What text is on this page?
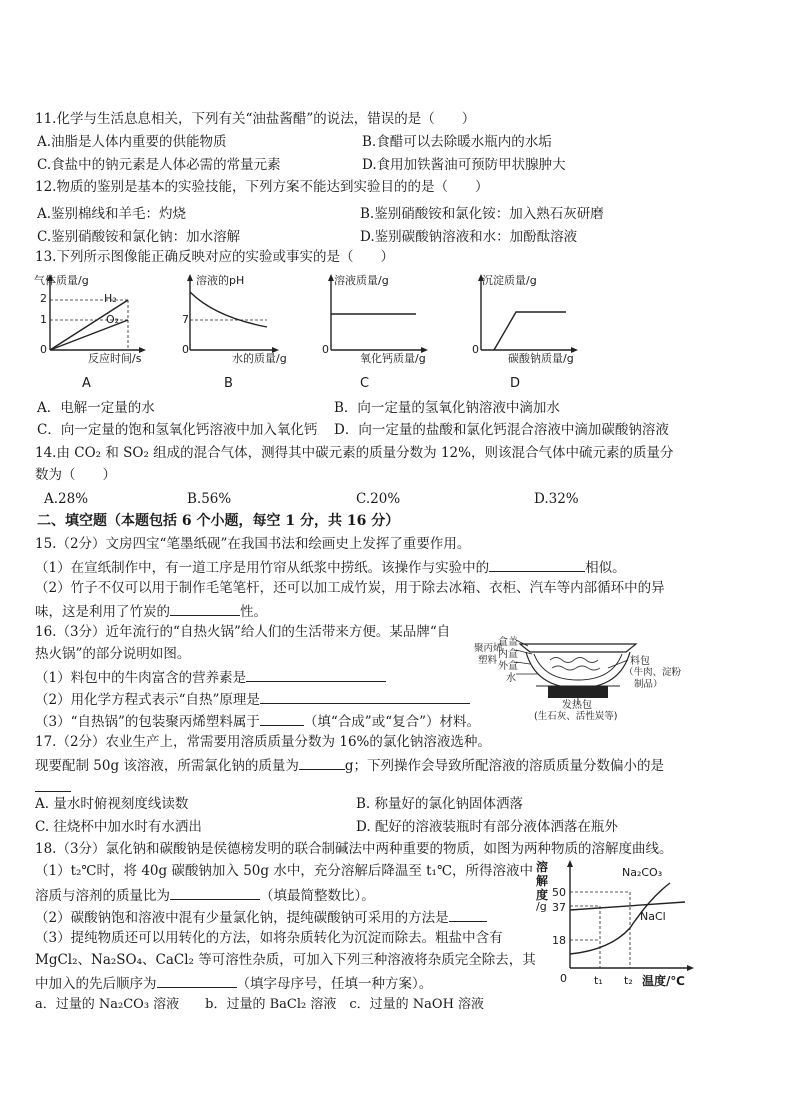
11.化学与生活息息相关，下列有关“油盐酱醋”的说法，错误的是（　　）
A.油脂是人体内重要的供能物质	B.食醋可以去除暖水瓶内的水垢
C.食盐中的钠元素是人体必需的常量元素	D.食用加铁酱油可预防甲状腺肿大
12.物质的鉴别是基本的实验技能，下列方案不能达到实验目的的是（　　）
A.鉴别棉线和羊毛：灼烧	B.鉴别硝酸铵和氯化铵：加入熟石灰研磨
C.鉴别硝酸铵和氯化钠：加水溶解	D.鉴别碳酸钠溶液和水：加酚酞溶液
13.下列所示图像能正确反映对应的实验或事实的是（　　）
气体质量/g
H₂
O₂
2
1
0
反应时间/s
A
溶液的pH
7
0
水的质量/g
B
溶液质量/g
0
氧化钙质量/g
C
沉淀质量/g
0
碳酸钠质量/g
D
A．电解一定量的水	B．向一定量的氢氧化钠溶液中滴加水
C．向一定量的饱和氢氧化钙溶液中加入氧化钙 D．向一定量的盐酸和氯化钙混合溶液中滴加碳酸钠溶液
14.由 CO₂ 和 SO₂ 组成的混合气体，测得其中碳元素的质量分数为 12%，则该混合气体中硫元素的质量分
数为（　　）
A.28%	B.56%	C.20%	D.32%
二、填空题（本题包括 6 个小题，每空 1 分，共 16 分）
15.（2分）文房四宝“笔墨纸砚”在我国书法和绘画史上发挥了重要作用。
（1）在宣纸制作中，有一道工序是用竹帘从纸浆中捞纸。该操作与实验中的	相似。
（2）竹子不仅可以用于制作毛笔笔杆，还可以加工成竹炭，用于除去冰箱、衣柜、汽车等内部循环中的异
味，这是利用了竹炭的	性。
16.（3分）近年流行的“自热火锅”给人们的生活带来方便。某品牌“自
热火锅”的部分说明如图。
（1）料包中的牛肉富含的营养素是
（2）用化学方程式表示“自热”原理是
（3）“自热锅”的包装聚丙烯塑料属于	（填“合成”或“复合”）材料。
盒盖
内盒
外盒
水
聚丙烯
塑料	料包
（牛肉、淀粉
制品）
发热包
(生石灰、活性炭等)
17.（2分）农业生产上，常需要用溶质质量分数为 16%的氯化钠溶液选种。
现要配制 50g 该溶液，所需氯化钠的质量为	g；下列操作会导致所配溶液的溶质质量分数偏小的是
A. 量水时俯视刻度线读数	B. 称量好的氯化钠固体洒落
C. 往烧杯中加水时有水洒出	D. 配好的溶液装瓶时有部分液体洒落在瓶外
18.（3分）氯化钠和碳酸钠是侯德榜发明的联合制碱法中两种重要的物质，如图为两种物质的溶解度曲线。
（1）t₂℃时，将 40g 碳酸钠加入 50g 水中，充分溶解后降温至 t₁℃，所得溶液中
溶质与溶剂的质量比为	（填最简整数比）。
（2）碳酸钠饱和溶液中混有少量氯化钠，提纯碳酸钠可采用的方法是
（3）提纯物质还可以用转化的方法，如将杂质转化为沉淀而除去。粗盐中含有
MgCl₂、Na₂SO₄、CaCl₂ 等可溶性杂质，可加入下列三种溶液将杂质完全除去，其
中加入的先后顺序为	（填字母序号，任填一种方案）。
a．过量的 Na₂CO₃ 溶液　　b．过量的 BaCl₂ 溶液　c．过量的 NaOH 溶液
溶
解
度
/g
50
37
18
Na₂CO₃
NaCl
0 t₁ t₂ 温度/℃
